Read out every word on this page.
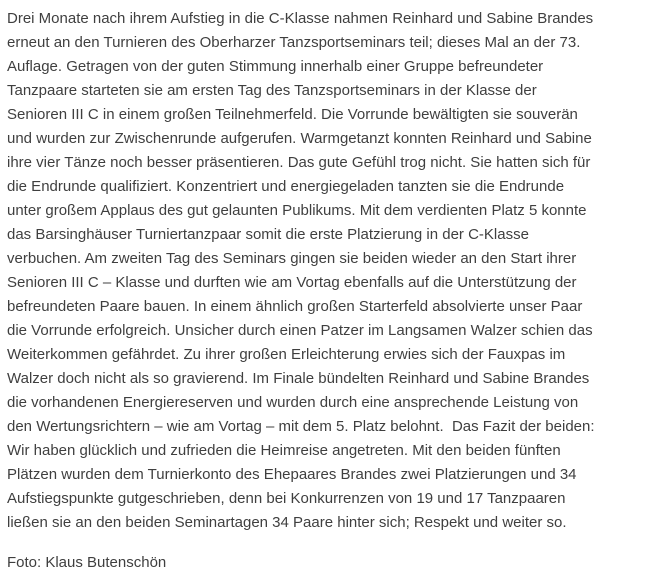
Drei Monate nach ihrem Aufstieg in die C-Klasse nahmen Reinhard und Sabine Brandes
erneut an den Turnieren des Oberharzer Tanzsportseminars teil; dieses Mal an der 73.
Auflage. Getragen von der guten Stimmung innerhalb einer Gruppe befreundeter
Tanzpaare starteten sie am ersten Tag des Tanzsportseminars in der Klasse der
Senioren III C in einem großen Teilnehmerfeld. Die Vorrunde bewältigten sie souverän
und wurden zur Zwischenrunde aufgerufen. Warmgetanzt konnten Reinhard und Sabine
ihre vier Tänze noch besser präsentieren. Das gute Gefühl trog nicht. Sie hatten sich für
die Endrunde qualifiziert. Konzentriert und energiegeladen tanzten sie die Endrunde
unter großem Applaus des gut gelaunten Publikums. Mit dem verdienten Platz 5 konnte
das Barsinghäuser Turniertanzpaar somit die erste Platzierung in der C-Klasse
verbuchen. Am zweiten Tag des Seminars gingen sie beiden wieder an den Start ihrer
Senioren III C – Klasse und durften wie am Vortag ebenfalls auf die Unterstützung der
befreundeten Paare bauen. In einem ähnlich großen Starterfeld absolvierte unser Paar
die Vorrunde erfolgreich. Unsicher durch einen Patzer im Langsamen Walzer schien das
Weiterkommen gefährdet. Zu ihrer großen Erleichterung erwies sich der Fauxpas im
Walzer doch nicht als so gravierend. Im Finale bündelten Reinhard und Sabine Brandes
die vorhandenen Energiereserven und wurden durch eine ansprechende Leistung von
den Wertungsrichtern – wie am Vortag – mit dem 5. Platz belohnt.  Das Fazit der beiden:
Wir haben glücklich und zufrieden die Heimreise angetreten. Mit den beiden fünften
Plätzen wurden dem Turnierkonto des Ehepaares Brandes zwei Platzierungen und 34
Aufstiegspunkte gutgeschrieben, denn bei Konkurrenzen von 19 und 17 Tanzpaaren
ließen sie an den beiden Seminartagen 34 Paare hinter sich; Respekt und weiter so.
Foto: Klaus Butenschön
